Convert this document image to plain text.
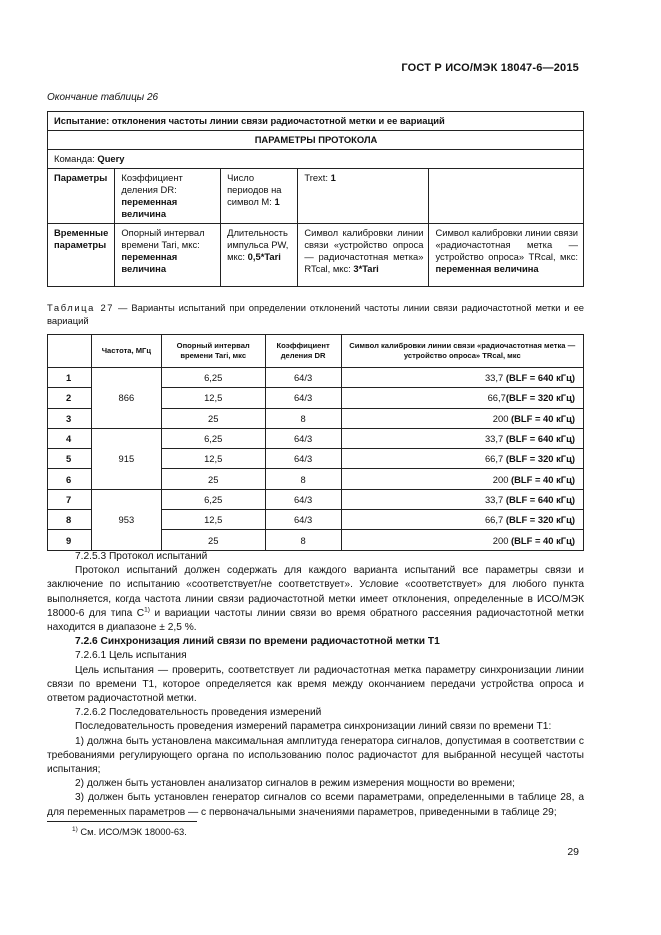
ГОСТ Р ИСО/МЭК 18047-6—2015
Окончание таблицы 26
Испытание: отклонения частоты линии связи радиочастотной метки и ее вариаций				
ПАРАМЕТРЫ ПРОТОКОЛА				
Команда: Query				
Параметры	Коэффициент деления DR: переменная величина	Число периодов на символ M: 1	Trext: 1	
Временные параметры	Опорный интервал времени Tari, мкс: переменная величина	Длительность импульса PW, мкс: 0,5*Tari	Символ калибровки линии связи «устройство опроса — радиочастотная метка» RTcal, мкс: 3*Tari	Символ калибровки линии связи «радиочастотная метка — устройство опроса» TRcal, мкс: переменная величина
Таблица 27 — Варианты испытаний при определении отклонений частоты линии связи радиочастотной метки и ее вариаций
	Частота, МГц	Опорный интервал времени Tari, мкс	Коэффициент деления DR	Символ калибровки линии связи «радиочастотная метка — устройство опроса» TRcal, мкс
1	866	6,25	64/3	33,7 (BLF = 640 кГц)
2		12,5	64/3	66,7(BLF = 320 кГц)
3		25	8	200 (BLF = 40 кГц)
4	915	6,25	64/3	33,7 (BLF = 640 кГц)
5		12,5	64/3	66,7 (BLF = 320 кГц)
6		25	8	200 (BLF = 40 кГц)
7	953	6,25	64/3	33,7 (BLF = 640 кГц)
8		12,5	64/3	66,7 (BLF = 320 кГц)
9		25	8	200 (BLF = 40 кГц)

7.2.5.3 Протокол испытаний

Протокол испытаний должен содержать для каждого варианта испытаний все параметры связи и заключение по испытанию «соответствует/не соответствует». Условие «соответствует» для любого пункта выполняется, когда частота линии связи радиочастотной метки имеет отклонения, определенные в ИСО/МЭК 18000-6 для типа $С^{1)}$ и вариации частоты линии связи во время обратного рассеяния радиочастотной метки находится в диапазоне ± 2,5 %.

7.2.6 Синхронизация линий связи по времени радиочастотной метки T1

7.2.6.1 Цель испытания

Цель испытания — проверить, соответствует ли радиочастотная метка параметру синхронизации линии связи по времени T1, которое определяется как время между окончанием передачи устройства опроса и ответом радиочастотной метки.

7.2.6.2 Последовательность проведения измерений

Последовательность проведения измерений параметра синхронизации линий связи по времени T1:

1) должна быть установлена максимальная амплитуда генератора сигналов, допустимая в соответствии с требованиями регулирующего органа по использованию полос радиочастот для выбранной несущей частоты испытания;

2) должен быть установлен анализатор сигналов в режим измерения мощности во времени;

3) должен быть установлен генератор сигналов со всеми параметрами, определенными в таблице 28, а для переменных параметров — с первоначальными значениями параметров, приведенными в таблице 29;

$^{1)}$ См. ИСО/МЭК 18000-63.
29
